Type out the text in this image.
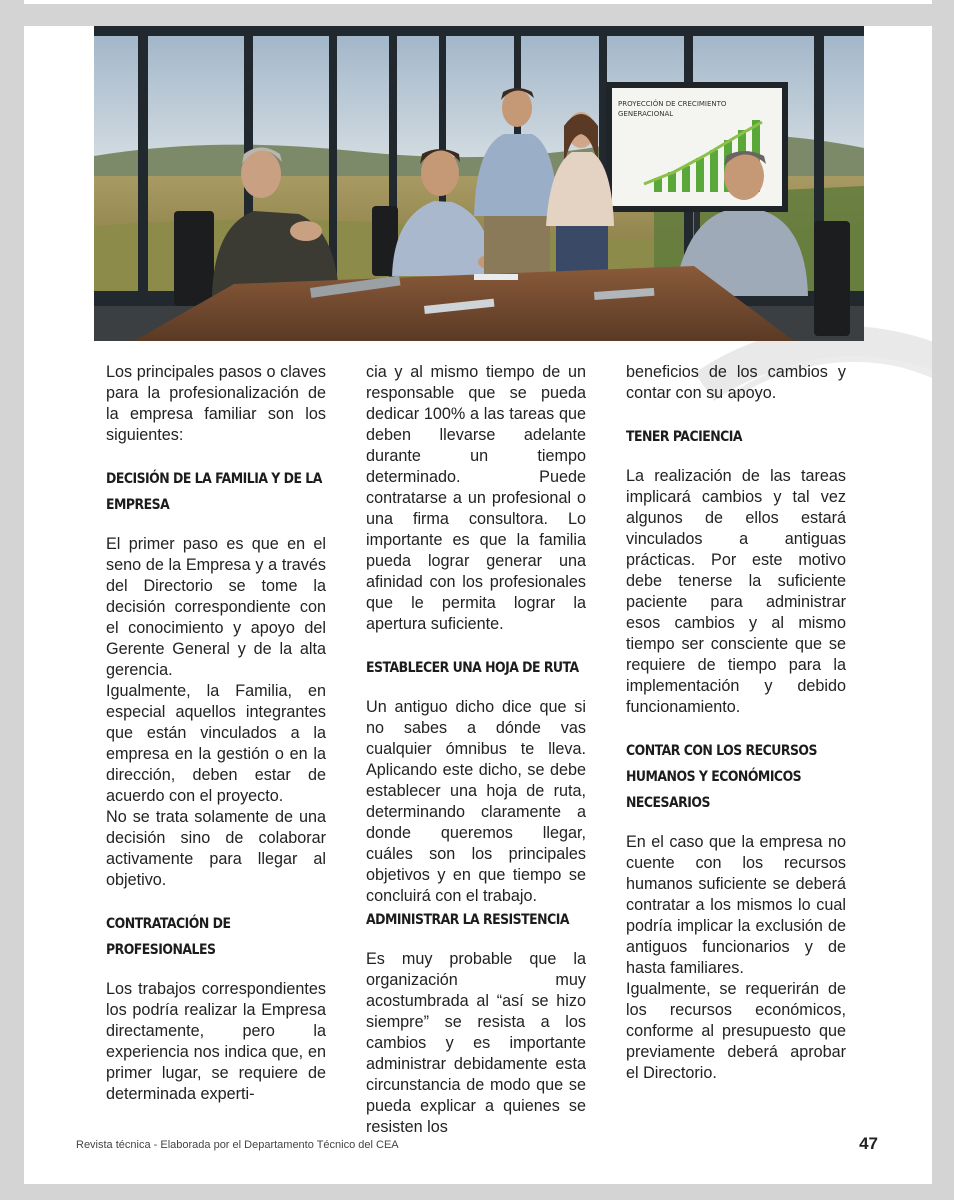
PROYECCIÓN DE CRECIMIENTO
GENERACIONAL

Los principales pasos o claves para la profesionalización de la empresa familiar son los siguientes:

DECISIÓN DE LA FAMILIA Y DE LA EMPRESA

El primer paso es que en el seno de la Empresa y a través del Directorio se tome la decisión correspondiente con el conocimiento y apoyo del Gerente General y de la alta gerencia.

Igualmente, la Familia, en especial aquellos integrantes que están vinculados a la empresa en la gestión o en la dirección, deben estar de acuerdo con el proyecto.

No se trata solamente de una decisión sino de colaborar activamente para llegar al objetivo.

CONTRATACIÓN DE PROFESIONALES

Los trabajos correspondientes los podría realizar la Empresa directamente, pero la experiencia nos indica que, en primer lugar, se requiere de determinada experti-

cia y al mismo tiempo de un responsable que se pueda dedicar 100% a las tareas que deben llevarse adelante durante un tiempo determinado. Puede contratarse a un profesional o una firma consultora. Lo importante es que la familia pueda lograr generar una afinidad con los profesionales que le permita lograr la apertura suficiente.

ESTABLECER UNA HOJA DE RUTA

Un antiguo dicho dice que si no sabes a dónde vas cualquier ómnibus te lleva. Aplicando este dicho, se debe establecer una hoja de ruta, determinando claramente a donde queremos llegar, cuáles son los principales objetivos y en que tiempo se concluirá con el trabajo.

ADMINISTRAR LA RESISTENCIA

Es muy probable que la organización muy acostumbrada al “así se hizo siempre” se resista a los cambios y es importante administrar debidamente esta circunstancia de modo que se pueda explicar a quienes se resisten los

beneficios de los cambios y contar con su apoyo.

TENER PACIENCIA

La realización de las tareas implicará cambios y tal vez algunos de ellos estará vinculados a antiguas prácticas. Por este motivo debe tenerse la suficiente paciente para administrar esos cambios y al mismo tiempo ser consciente que se requiere de tiempo para la implementación y debido funcionamiento.

CONTAR CON LOS RECURSOS HUMANOS Y ECONÓMICOS NECESARIOS

En el caso que la empresa no cuente con los recursos humanos suficiente se deberá contratar a los mismos lo cual podría implicar la exclusión de antiguos funcionarios y de hasta familiares.

Igualmente, se requerirán de los recursos económicos, conforme al presupuesto que previamente deberá aprobar el Directorio.

Revista técnica - Elaborada por el Departamento Técnico del CEA	47
